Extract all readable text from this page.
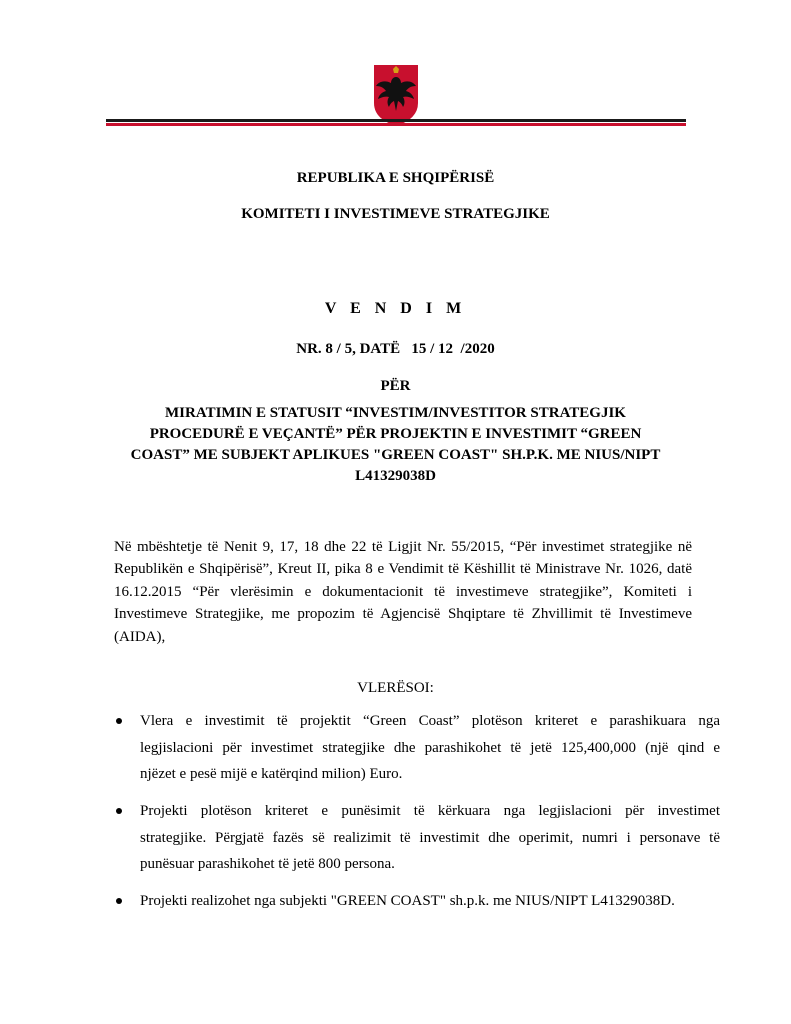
REPUBLIKA E SHQIPËRISË
KOMITETI I INVESTIMEVE STRATEGJIKE
V E N D I M
NR. 8 / 5, DATË   15 / 12  /2020
PËR
MIRATIMIN E STATUSIT “INVESTIM/INVESTITOR STRATEGJIK
PROCEDURË E VEÇANTË” PËR PROJEKTIN E INVESTIMIT “GREEN
COAST” ME SUBJEKT APLIKUES "GREEN COAST" SH.P.K. ME NIUS/NIPT
L41329038D
Në mbështetje të Nenit 9, 17, 18 dhe 22 të Ligjit Nr. 55/2015, “Për investimet strategjike në
Republikën e Shqipërisë”, Kreut II, pika 8 e Vendimit të Këshillit të Ministrave Nr. 1026, datë
16.12.2015 “Për vlerësimin e dokumentacionit të investimeve strategjike”, Komiteti i
Investimeve Strategjike, me propozim të Agjencisë Shqiptare të Zhvillimit të Investimeve
(AIDA),
VLERËSOI:
Vlera e investimit të projektit “Green Coast” plotëson kriteret e parashikuara nga
legjislacioni për investimet strategjike dhe parashikohet të jetë 125,400,000 (një qind e
njëzet e pesë mijë e katërqind milion) Euro.
Projekti plotëson kriteret e punësimit të kërkuara nga legjislacioni për investimet
strategjike. Përgjatë fazës së realizimit të investimit dhe operimit, numri i personave të
punësuar parashikohet të jetë 800 persona.
Projekti realizohet nga subjekti "GREEN COAST" sh.p.k. me NIUS/NIPT L41329038D.
